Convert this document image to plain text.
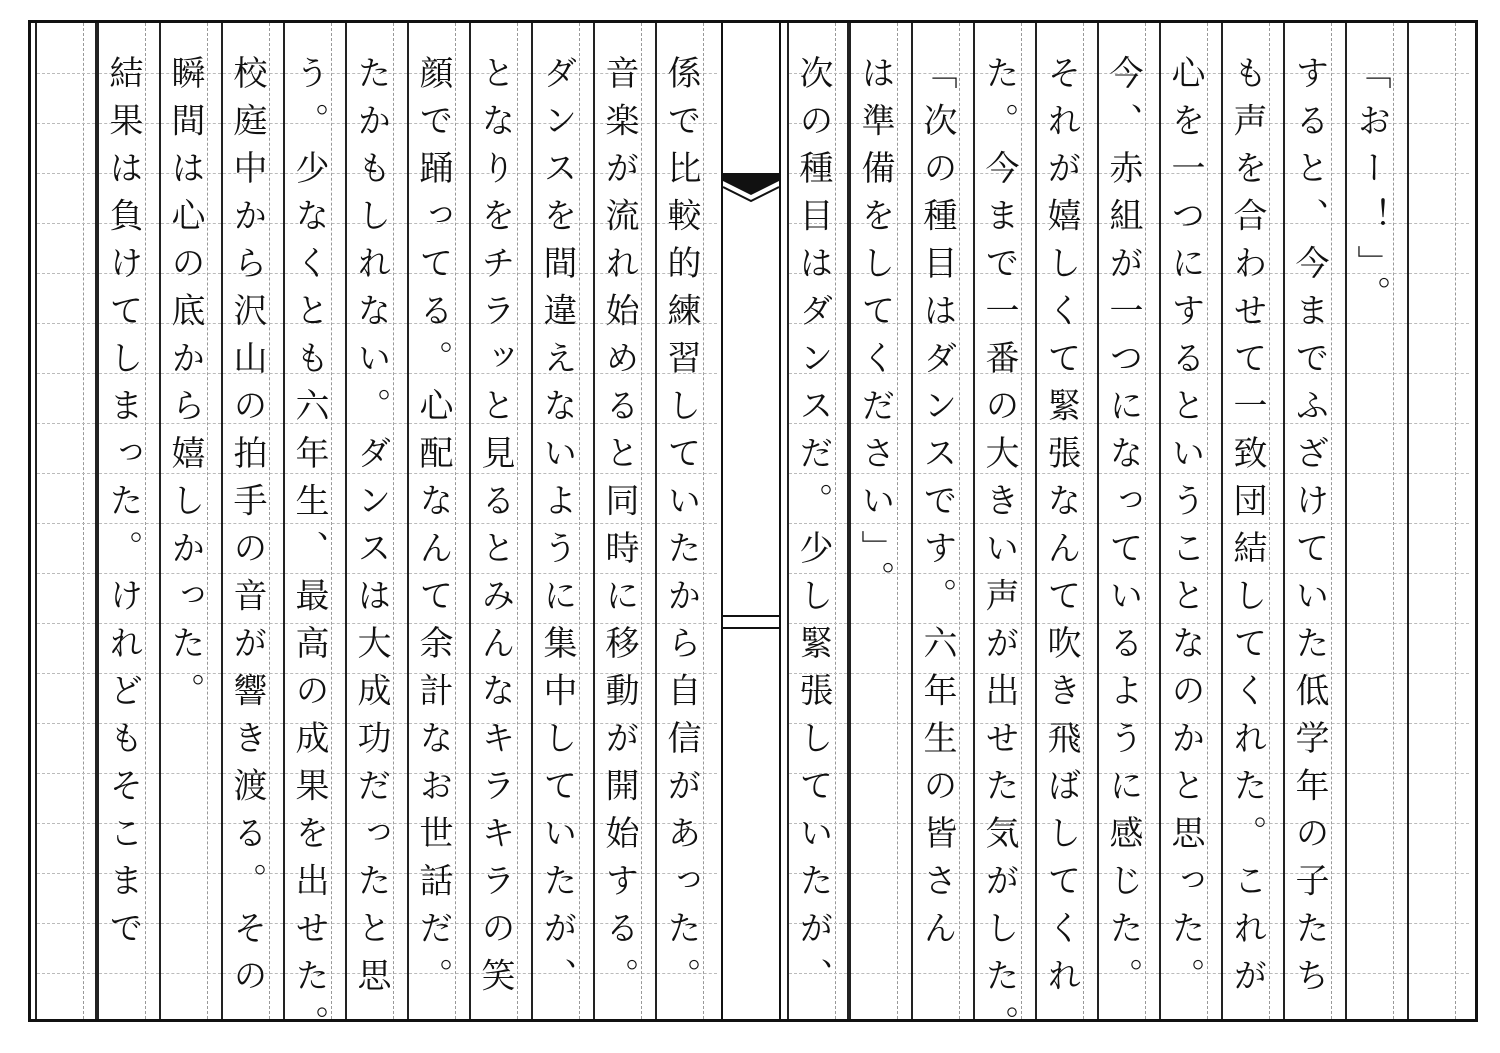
係で比較的練習していたから自信があった。
音楽が流れ始めると同時に移動が開始する。
ダンスを間違えないように集中していたが、
となりをチラッと見るとみんなキラキラの笑
顔で踊ってる。心配なんて余計なお世話だ。
たかもしれない。ダンスは大成功だったと思
う。少なくとも六年生、最高の成果を出せた。
校庭中から沢山の拍手の音が響き渡る。その
瞬間は心の底から嬉しかった。
結果は負けてしまった。けれどもそこまで	「おー！」。
すると、今までふざけていた低学年の子たち
も声を合わせて一致団結してくれた。これが
心を一つにするということなのかと思った。
今、赤組が一つになっているように感じた。
それが嬉しくて緊張なんて吹き飛ばしてくれ
た。今まで一番の大きい声が出せた気がした。
「次の種目はダンスです。六年生の皆さん
は準備をしてください」。
次の種目はダンスだ。少し緊張していたが、
